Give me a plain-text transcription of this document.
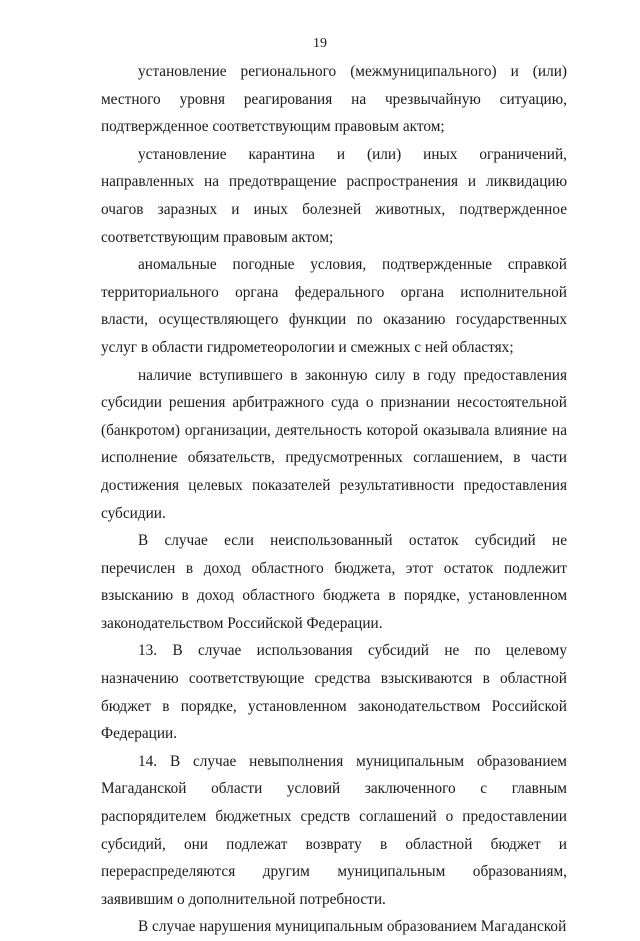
19

установление регионального (межмуниципального) и (или) местного уровня реагирования на чрезвычайную ситуацию, подтвержденное соответствующим правовым актом;

установление карантина и (или) иных ограничений, направленных на предотвращение распространения и ликвидацию очагов заразных и иных болезней животных, подтвержденное соответствующим правовым актом;

аномальные погодные условия, подтвержденные справкой территориального органа федерального органа исполнительной власти, осуществляющего функции по оказанию государственных услуг в области гидрометеорологии и смежных с ней областях;

наличие вступившего в законную силу в году предоставления субсидии решения арбитражного суда о признании несостоятельной (банкротом) организации, деятельность которой оказывала влияние на исполнение обязательств, предусмотренных соглашением, в части достижения целевых показателей результативности предоставления субсидии.

В случае если неиспользованный остаток субсидий не перечислен в доход областного бюджета, этот остаток подлежит взысканию в доход областного бюджета в порядке, установленном законодательством Российской Федерации.

13. В случае использования субсидий не по целевому назначению соответствующие средства взыскиваются в областной бюджет в порядке, установленном законодательством Российской Федерации.

14. В случае невыполнения муниципальным образованием Магаданской области условий заключенного с главным распорядителем бюджетных средств соглашений о предоставлении субсидий, они подлежат возврату в областной бюджет и перераспределяются другим муниципальным образованиям, заявившим о дополнительной потребности.

В случае нарушения муниципальным образованием Магаданской
